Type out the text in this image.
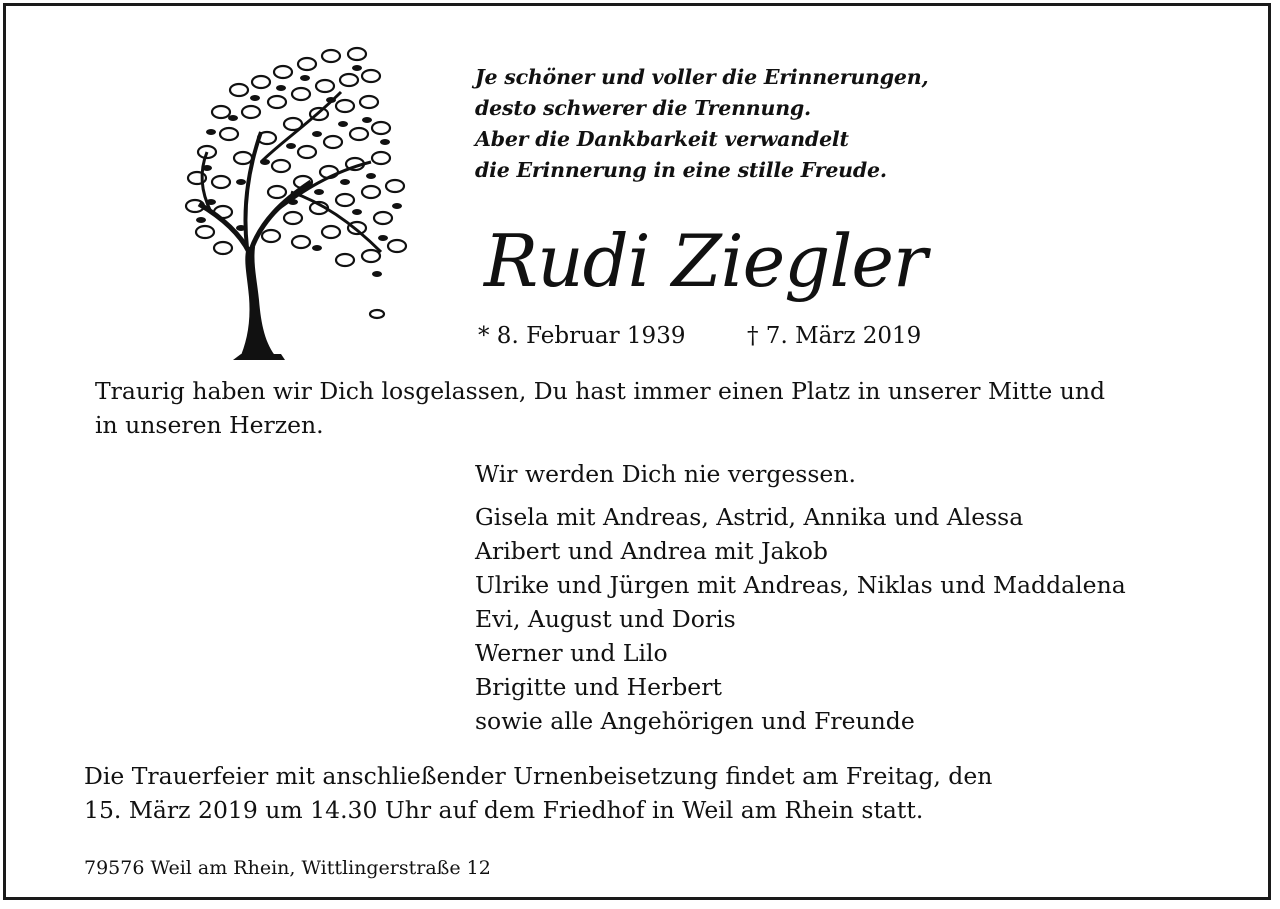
Je schöner und voller die Erinnerungen,
desto schwerer die Trennung.
Aber die Dankbarkeit verwandelt
die Erinnerung in eine stille Freude.
Rudi Ziegler
* 8. Februar 1939	† 7. März 2019
Traurig haben wir Dich losgelassen, Du hast immer einen Platz in unserer Mitte und
in unseren Herzen.
Wir werden Dich nie vergessen.
Gisela mit Andreas, Astrid, Annika und Alessa
Aribert und Andrea mit Jakob
Ulrike und Jürgen mit Andreas, Niklas und Maddalena
Evi, August und Doris
Werner und Lilo
Brigitte und Herbert
sowie alle Angehörigen und Freunde
Die Trauerfeier mit anschließender Urnenbeisetzung findet am Freitag, den
15. März 2019 um 14.30 Uhr auf dem Friedhof in Weil am Rhein statt.
79576 Weil am Rhein, Wittlingerstraße 12
